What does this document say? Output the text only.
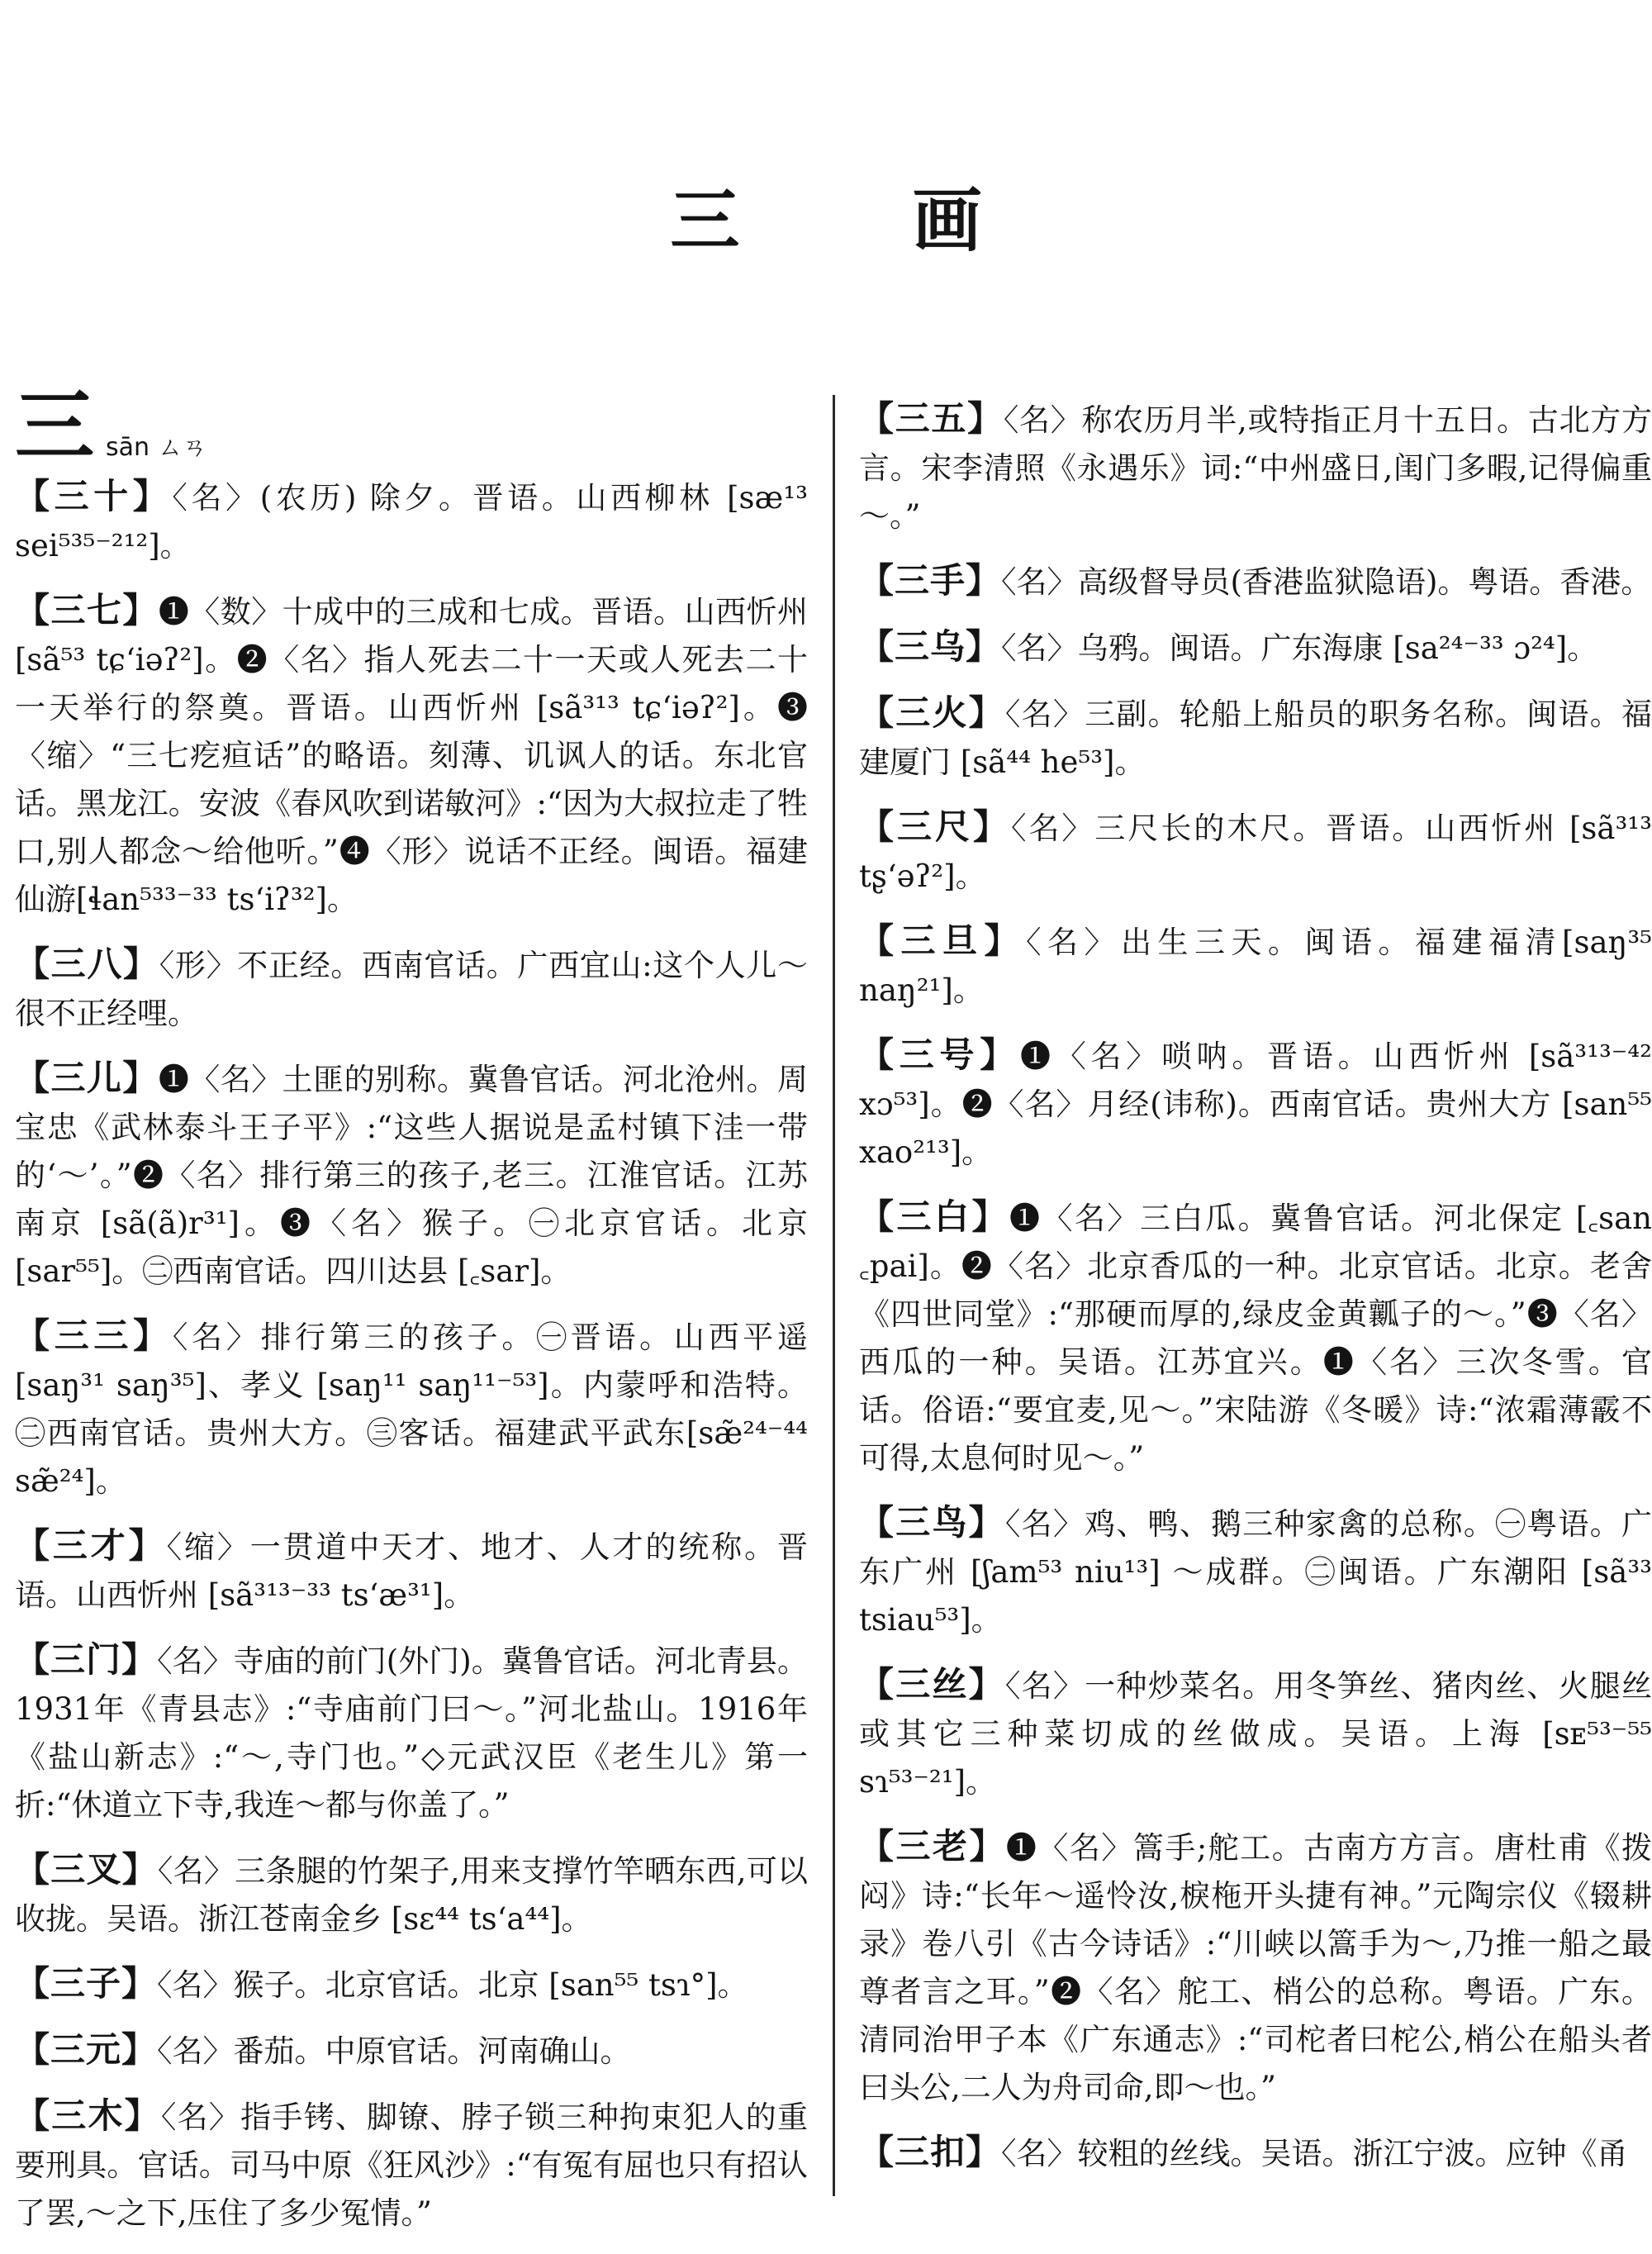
三 画
三 sān ㄙㄢ
【三十】〈名〉(农历) 除夕。晋语。山西柳林 [sæ¹³ sei⁵³⁵⁻²¹²]。
【三七】❶〈数〉十成中的三成和七成。晋语。山西忻州 [sã⁵³ tɕʻiəʔ²]。❷〈名〉指人死去二十一天或人死去二十一天举行的祭奠。晋语。山西忻州 [sã³¹³ tɕʻiəʔ²]。❸〈缩〉“三七疙疸话”的略语。刻薄、讥讽人的话。东北官话。黑龙江。安波《春风吹到诺敏河》:“因为大叔拉走了牲口,别人都念～给他听。”❹〈形〉说话不正经。闽语。福建仙游[ɬan⁵³³⁻³³ tsʻiʔ³²]。
【三八】〈形〉不正经。西南官话。广西宜山:这个人儿～很不正经哩。
【三儿】❶〈名〉土匪的别称。冀鲁官话。河北沧州。周宝忠《武林泰斗王子平》:“这些人据说是孟村镇下洼一带的‘～’。”❷〈名〉排行第三的孩子,老三。江淮官话。江苏南京 [sã(ã)r³¹]。❸〈名〉猴子。㊀北京官话。北京[sar⁵⁵]。㊁西南官话。四川达县 [꜀sar]。
【三三】〈名〉排行第三的孩子。㊀晋语。山西平遥[saŋ³¹ saŋ³⁵]、孝义 [saŋ¹¹ saŋ¹¹⁻⁵³]。内蒙呼和浩特。㊁西南官话。贵州大方。㊂客话。福建武平武东[sæ̃²⁴⁻⁴⁴ sæ̃²⁴]。
【三才】〈缩〉一贯道中天才、地才、人才的统称。晋语。山西忻州 [sã³¹³⁻³³ tsʻæ³¹]。
【三门】〈名〉寺庙的前门(外门)。冀鲁官话。河北青县。1931年《青县志》:“寺庙前门曰～。”河北盐山。1916年《盐山新志》:“～,寺门也。”◇元武汉臣《老生儿》第一折:“休道立下寺,我连～都与你盖了。”
【三叉】〈名〉三条腿的竹架子,用来支撑竹竿晒东西,可以收拢。吴语。浙江苍南金乡 [sɛ⁴⁴ tsʻa⁴⁴]。
【三子】〈名〉猴子。北京官话。北京 [san⁵⁵ tsɿ°]。
【三元】〈名〉番茄。中原官话。河南确山。
【三木】〈名〉指手铐、脚镣、脖子锁三种拘束犯人的重要刑具。官话。司马中原《狂风沙》:“有冤有屈也只有招认了罢,～之下,压住了多少冤情。”
【三五】〈名〉称农历月半,或特指正月十五日。古北方方言。宋李清照《永遇乐》词:“中州盛日,闺门多暇,记得偏重～。”
【三手】〈名〉高级督导员(香港监狱隐语)。粤语。香港。
【三乌】〈名〉乌鸦。闽语。广东海康 [sa²⁴⁻³³ ɔ²⁴]。
【三火】〈名〉三副。轮船上船员的职务名称。闽语。福建厦门 [sã⁴⁴ he⁵³]。
【三尺】〈名〉三尺长的木尺。晋语。山西忻州 [sã³¹³ tʂʻəʔ²]。
【三旦】〈名〉出生三天。闽语。福建福清[saŋ³⁵ naŋ²¹]。
【三号】❶〈名〉唢呐。晋语。山西忻州 [sã³¹³⁻⁴² xɔ⁵³]。❷〈名〉月经(讳称)。西南官话。贵州大方 [san⁵⁵ xao²¹³]。
【三白】❶〈名〉三白瓜。冀鲁官话。河北保定 [꜀san ꜀pai]。❷〈名〉北京香瓜的一种。北京官话。北京。老舍《四世同堂》:“那硬而厚的,绿皮金黄瓤子的～。”❸〈名〉西瓜的一种。吴语。江苏宜兴。❶〈名〉三次冬雪。官话。俗语:“要宜麦,见～。”宋陆游《冬暖》诗:“浓霜薄霰不可得,太息何时见～。”
【三鸟】〈名〉鸡、鸭、鹅三种家禽的总称。㊀粤语。广东广州 [ʃam⁵³ niu¹³] ～成群。㊁闽语。广东潮阳 [sã³³ tsiau⁵³]。
【三丝】〈名〉一种炒菜名。用冬笋丝、猪肉丝、火腿丝或其它三种菜切成的丝做成。吴语。上海 [sᴇ⁵³⁻⁵⁵ sɿ⁵³⁻²¹]。
【三老】❶〈名〉篙手;舵工。古南方方言。唐杜甫《拨闷》诗:“长年～遥怜汝,棙柂开头捷有神。”元陶宗仪《辍耕录》卷八引《古今诗话》:“川峡以篙手为～,乃推一船之最尊者言之耳。”❷〈名〉舵工、梢公的总称。粤语。广东。清同治甲子本《广东通志》:“司柁者曰柁公,梢公在船头者曰头公,二人为舟司命,即～也。”
【三扣】〈名〉较粗的丝线。吴语。浙江宁波。应钟《甬
